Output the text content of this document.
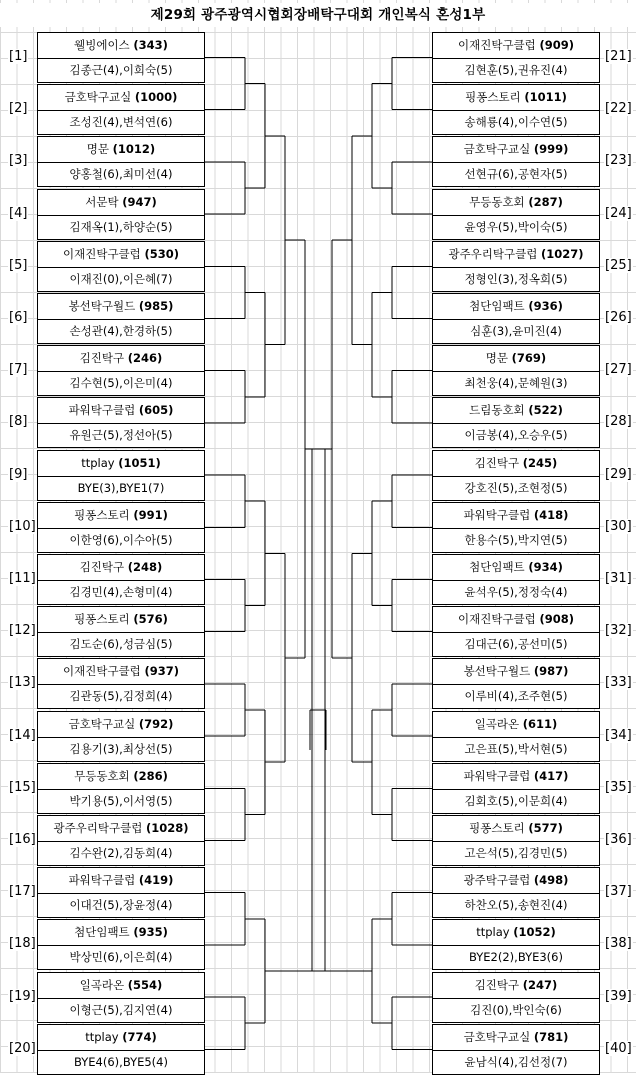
제29회 광주광역시협회장배탁구대회 개인복식 혼성1부
[1]
웰빙에이스 (343)
김종근(4),이희숙(5)
[2]
금호탁구교실 (1000)
조성진(4),변석연(6)
[3]
명문 (1012)
양홍철(6),최미선(4)
[4]
서문탁 (947)
김재옥(1),하양순(5)
[5]
이재진탁구클럽 (530)
이재진(0),이은혜(7)
[6]
봉선탁구월드 (985)
손성관(4),한경하(5)
[7]
김진탁구 (246)
김수현(5),이은미(4)
[8]
파워탁구클럽 (605)
유원근(5),정선아(5)
[9]
ttplay (1051)
BYE(3),BYE1(7)
[10]
핑퐁스토리 (991)
이한영(6),이수아(5)
[11]
김진탁구 (248)
김경민(4),손형미(4)
[12]
핑퐁스토리 (576)
김도순(6),성금심(5)
[13]
이재진탁구클럽 (937)
김관동(5),김정희(4)
[14]
금호탁구교실 (792)
김용기(3),최상선(5)
[15]
무등동호회 (286)
박기용(5),이서영(5)
[16]
광주우리탁구클럽 (1028)
김수완(2),김동희(4)
[17]
파워탁구클럽 (419)
이대건(5),장윤정(4)
[18]
첨단임팩트 (935)
박상민(6),이은희(4)
[19]
일곡라온 (554)
이형근(5),김지연(4)
[20]
ttplay (774)
BYE4(6),BYE5(4)
[21]
이재진탁구클럽 (909)
김현훈(5),권유진(4)
[22]
핑퐁스토리 (1011)
송해룡(4),이수연(5)
[23]
금호탁구교실 (999)
선현규(6),공현자(5)
[24]
무등동호회 (287)
윤영우(5),박이숙(5)
[25]
광주우리탁구클럽 (1027)
정형인(3),정옥희(5)
[26]
첨단임팩트 (936)
심훈(3),윤미진(4)
[27]
명문 (769)
최천웅(4),문혜원(3)
[28]
드림동호회 (522)
이금봉(4),오승우(5)
[29]
김진탁구 (245)
강호진(5),조현정(5)
[30]
파워탁구클럽 (418)
한용수(5),박지연(5)
[31]
첨단임팩트 (934)
윤석우(5),정정숙(4)
[32]
이재진탁구클럽 (908)
김대근(6),공선미(5)
[33]
봉선탁구월드 (987)
이루비(4),조주현(5)
[34]
일곡라온 (611)
고은표(5),박서현(5)
[35]
파워탁구클럽 (417)
김회호(5),이문희(4)
[36]
핑퐁스토리 (577)
고은석(5),김경민(5)
[37]
광주탁구클럽 (498)
하찬오(5),송현진(4)
[38]
ttplay (1052)
BYE2(2),BYE3(6)
[39]
김진탁구 (247)
김진(0),박인숙(6)
[40]
금호탁구교실 (781)
윤남식(4),김선정(7)
